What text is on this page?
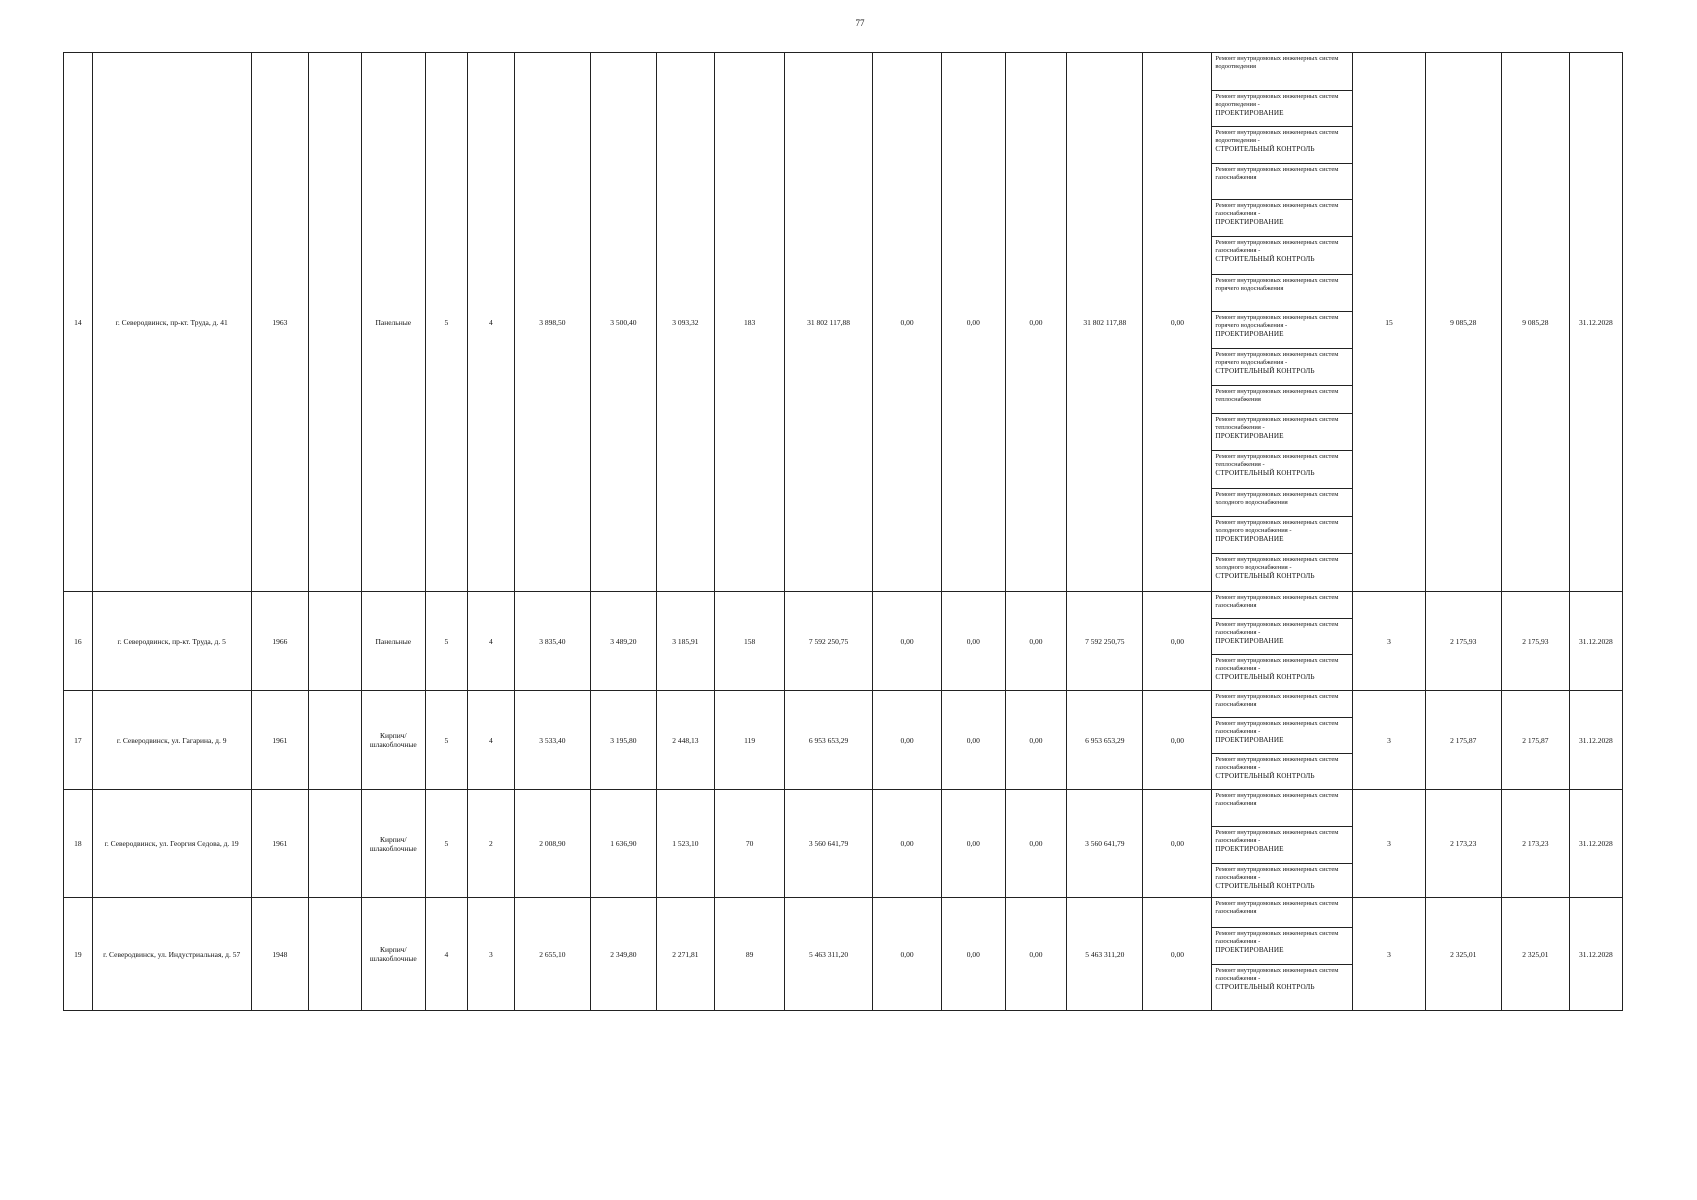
77
14	г. Северодвинск, пр-кт. Труда, д. 41	1963		Панельные	5	4	3 898,50	3 500,40	3 093,32	183	31 802 117,88	0,00	0,00	0,00	31 802 117,88	0,00	Ремонт внутридомовых инженерных систем водоотведения	15	9 085,28	9 085,28	31.12.2028
																	Ремонт внутридомовых инженерных систем водоотведения -
ПРОЕКТИРОВАНИЕ				
																	Ремонт внутридомовых инженерных систем водоотведения -
СТРОИТЕЛЬНЫЙ КОНТРОЛЬ				
																	Ремонт внутридомовых инженерных систем газоснабжения				
																	Ремонт внутридомовых инженерных систем газоснабжения -
ПРОЕКТИРОВАНИЕ				
																	Ремонт внутридомовых инженерных систем газоснабжения -
СТРОИТЕЛЬНЫЙ КОНТРОЛЬ				
																	Ремонт внутридомовых инженерных систем горячего водоснабжения				
																	Ремонт внутридомовых инженерных систем горячего водоснабжения -
ПРОЕКТИРОВАНИЕ				
																	Ремонт внутридомовых инженерных систем горячего водоснабжения -
СТРОИТЕЛЬНЫЙ КОНТРОЛЬ				
																	Ремонт внутридомовых инженерных систем теплоснабжения				
																	Ремонт внутридомовых инженерных систем теплоснабжения -
ПРОЕКТИРОВАНИЕ				
																	Ремонт внутридомовых инженерных систем теплоснабжения -
СТРОИТЕЛЬНЫЙ КОНТРОЛЬ				
																	Ремонт внутридомовых инженерных систем холодного водоснабжения				
																	Ремонт внутридомовых инженерных систем холодного водоснабжения -
ПРОЕКТИРОВАНИЕ				
																	Ремонт внутридомовых инженерных систем холодного водоснабжения -
СТРОИТЕЛЬНЫЙ КОНТРОЛЬ				
16	г. Северодвинск, пр-кт. Труда, д. 5	1966		Панельные	5	4	3 835,40	3 489,20	3 185,91	158	7 592 250,75	0,00	0,00	0,00	7 592 250,75	0,00	Ремонт внутридомовых инженерных систем газоснабжения	3	2 175,93	2 175,93	31.12.2028
																	Ремонт внутридомовых инженерных систем газоснабжения -
ПРОЕКТИРОВАНИЕ				
																	Ремонт внутридомовых инженерных систем газоснабжения -
СТРОИТЕЛЬНЫЙ КОНТРОЛЬ				
17	г. Северодвинск, ул. Гагарина, д. 9	1961		Кирпич/ шлакоблочные	5	4	3 533,40	3 195,80	2 448,13	119	6 953 653,29	0,00	0,00	0,00	6 953 653,29	0,00	Ремонт внутридомовых инженерных систем газоснабжения	3	2 175,87	2 175,87	31.12.2028
																	Ремонт внутридомовых инженерных систем газоснабжения -
ПРОЕКТИРОВАНИЕ				
																	Ремонт внутридомовых инженерных систем газоснабжения -
СТРОИТЕЛЬНЫЙ КОНТРОЛЬ				
18	г. Северодвинск, ул. Георгия Седова, д. 19	1961		Кирпич/ шлакоблочные	5	2	2 008,90	1 636,90	1 523,10	70	3 560 641,79	0,00	0,00	0,00	3 560 641,79	0,00	Ремонт внутридомовых инженерных систем газоснабжения	3	2 173,23	2 173,23	31.12.2028
																	Ремонт внутридомовых инженерных систем газоснабжения -
ПРОЕКТИРОВАНИЕ				
																	Ремонт внутридомовых инженерных систем газоснабжения -
СТРОИТЕЛЬНЫЙ КОНТРОЛЬ				
19	г. Северодвинск, ул. Индустриальная, д. 57	1948		Кирпич/ шлакоблочные	4	3	2 655,10	2 349,80	2 271,81	89	5 463 311,20	0,00	0,00	0,00	5 463 311,20	0,00	Ремонт внутридомовых инженерных систем газоснабжения	3	2 325,01	2 325,01	31.12.2028
																	Ремонт внутридомовых инженерных систем газоснабжения -
ПРОЕКТИРОВАНИЕ				
																	Ремонт внутридомовых инженерных систем газоснабжения -
СТРОИТЕЛЬНЫЙ КОНТРОЛЬ				
